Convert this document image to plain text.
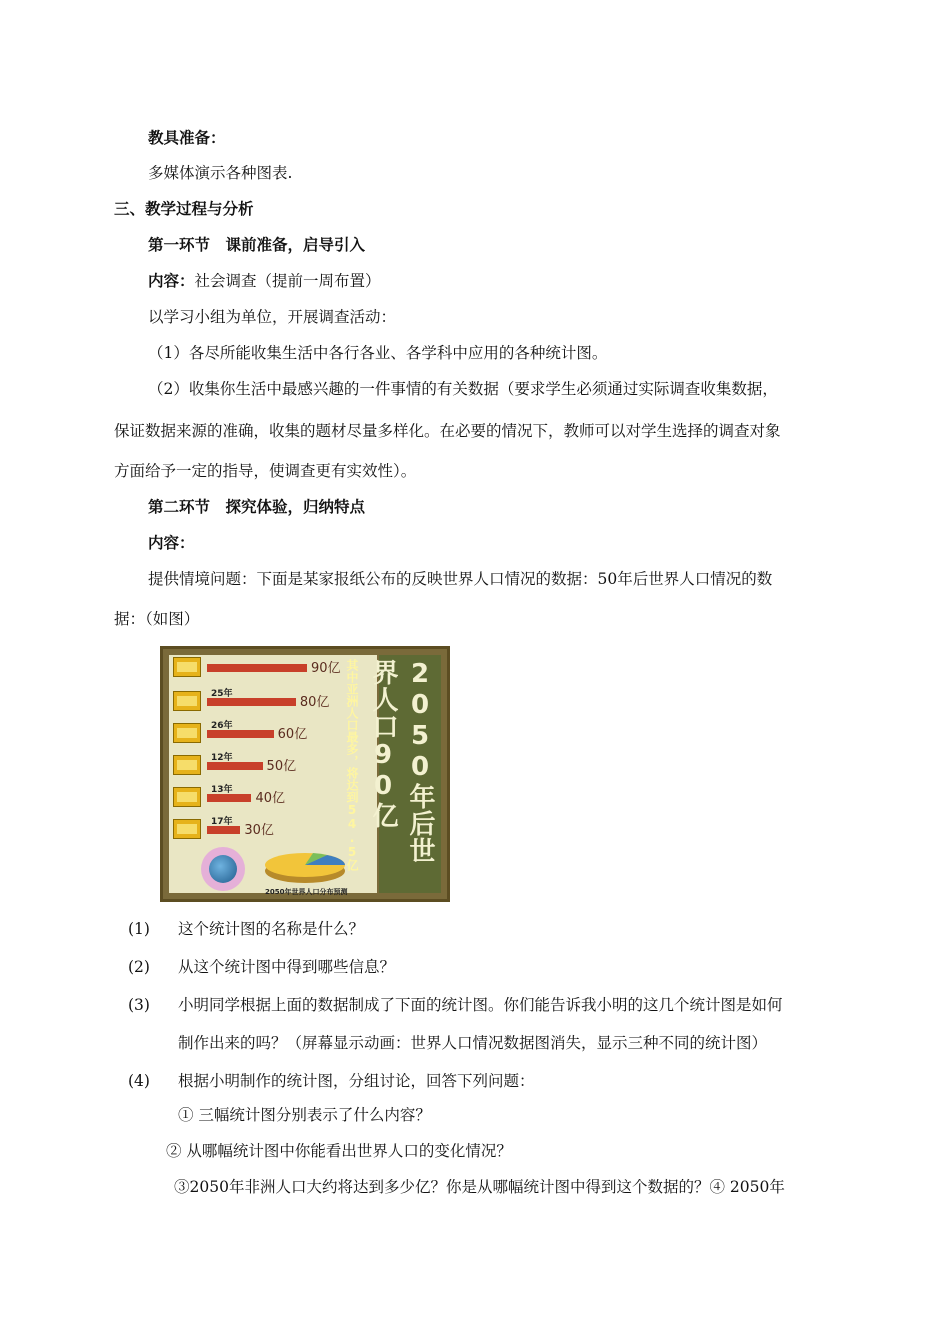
教具准备：
多媒体演示各种图表.
三、教学过程与分析
第一环节　课前准备，启导引入
内容：社会调查（提前一周布置）
以学习小组为单位，开展调查活动：
（1）各尽所能收集生活中各行各业、各学科中应用的各种统计图。
（2）收集你生活中最感兴趣的一件事情的有关数据（要求学生必须通过实际调查收集数据，
保证数据来源的准确，收集的题材尽量多样化。在必要的情况下，教师可以对学生选择的调查对象
方面给予一定的指导，使调查更有实效性）。
第二环节　探究体验，归纳特点
内容：
提供情境问题：下面是某家报纸公布的反映世界人口情况的数据：50年后世界人口情况的数
据：（如图）
90亿
80亿
60亿
50亿
40亿
30亿
25年
26年
12年
13年
17年
2050年世界人口分布预测
2050年后世界人口90亿
其中亚洲人口最多，将达到54.5亿
(1) 这个统计图的名称是什么？
(2) 从这个统计图中得到哪些信息？
(3) 小明同学根据上面的数据制成了下面的统计图。你们能告诉我小明的这几个统计图是如何
制作出来的吗？（屏幕显示动画：世界人口情况数据图消失，显示三种不同的统计图）
(4) 根据小明制作的统计图，分组讨论，回答下列问题：
① 三幅统计图分别表示了什么内容？
② 从哪幅统计图中你能看出世界人口的变化情况？
③2050年非洲人口大约将达到多少亿？你是从哪幅统计图中得到这个数据的？④ 2050年
